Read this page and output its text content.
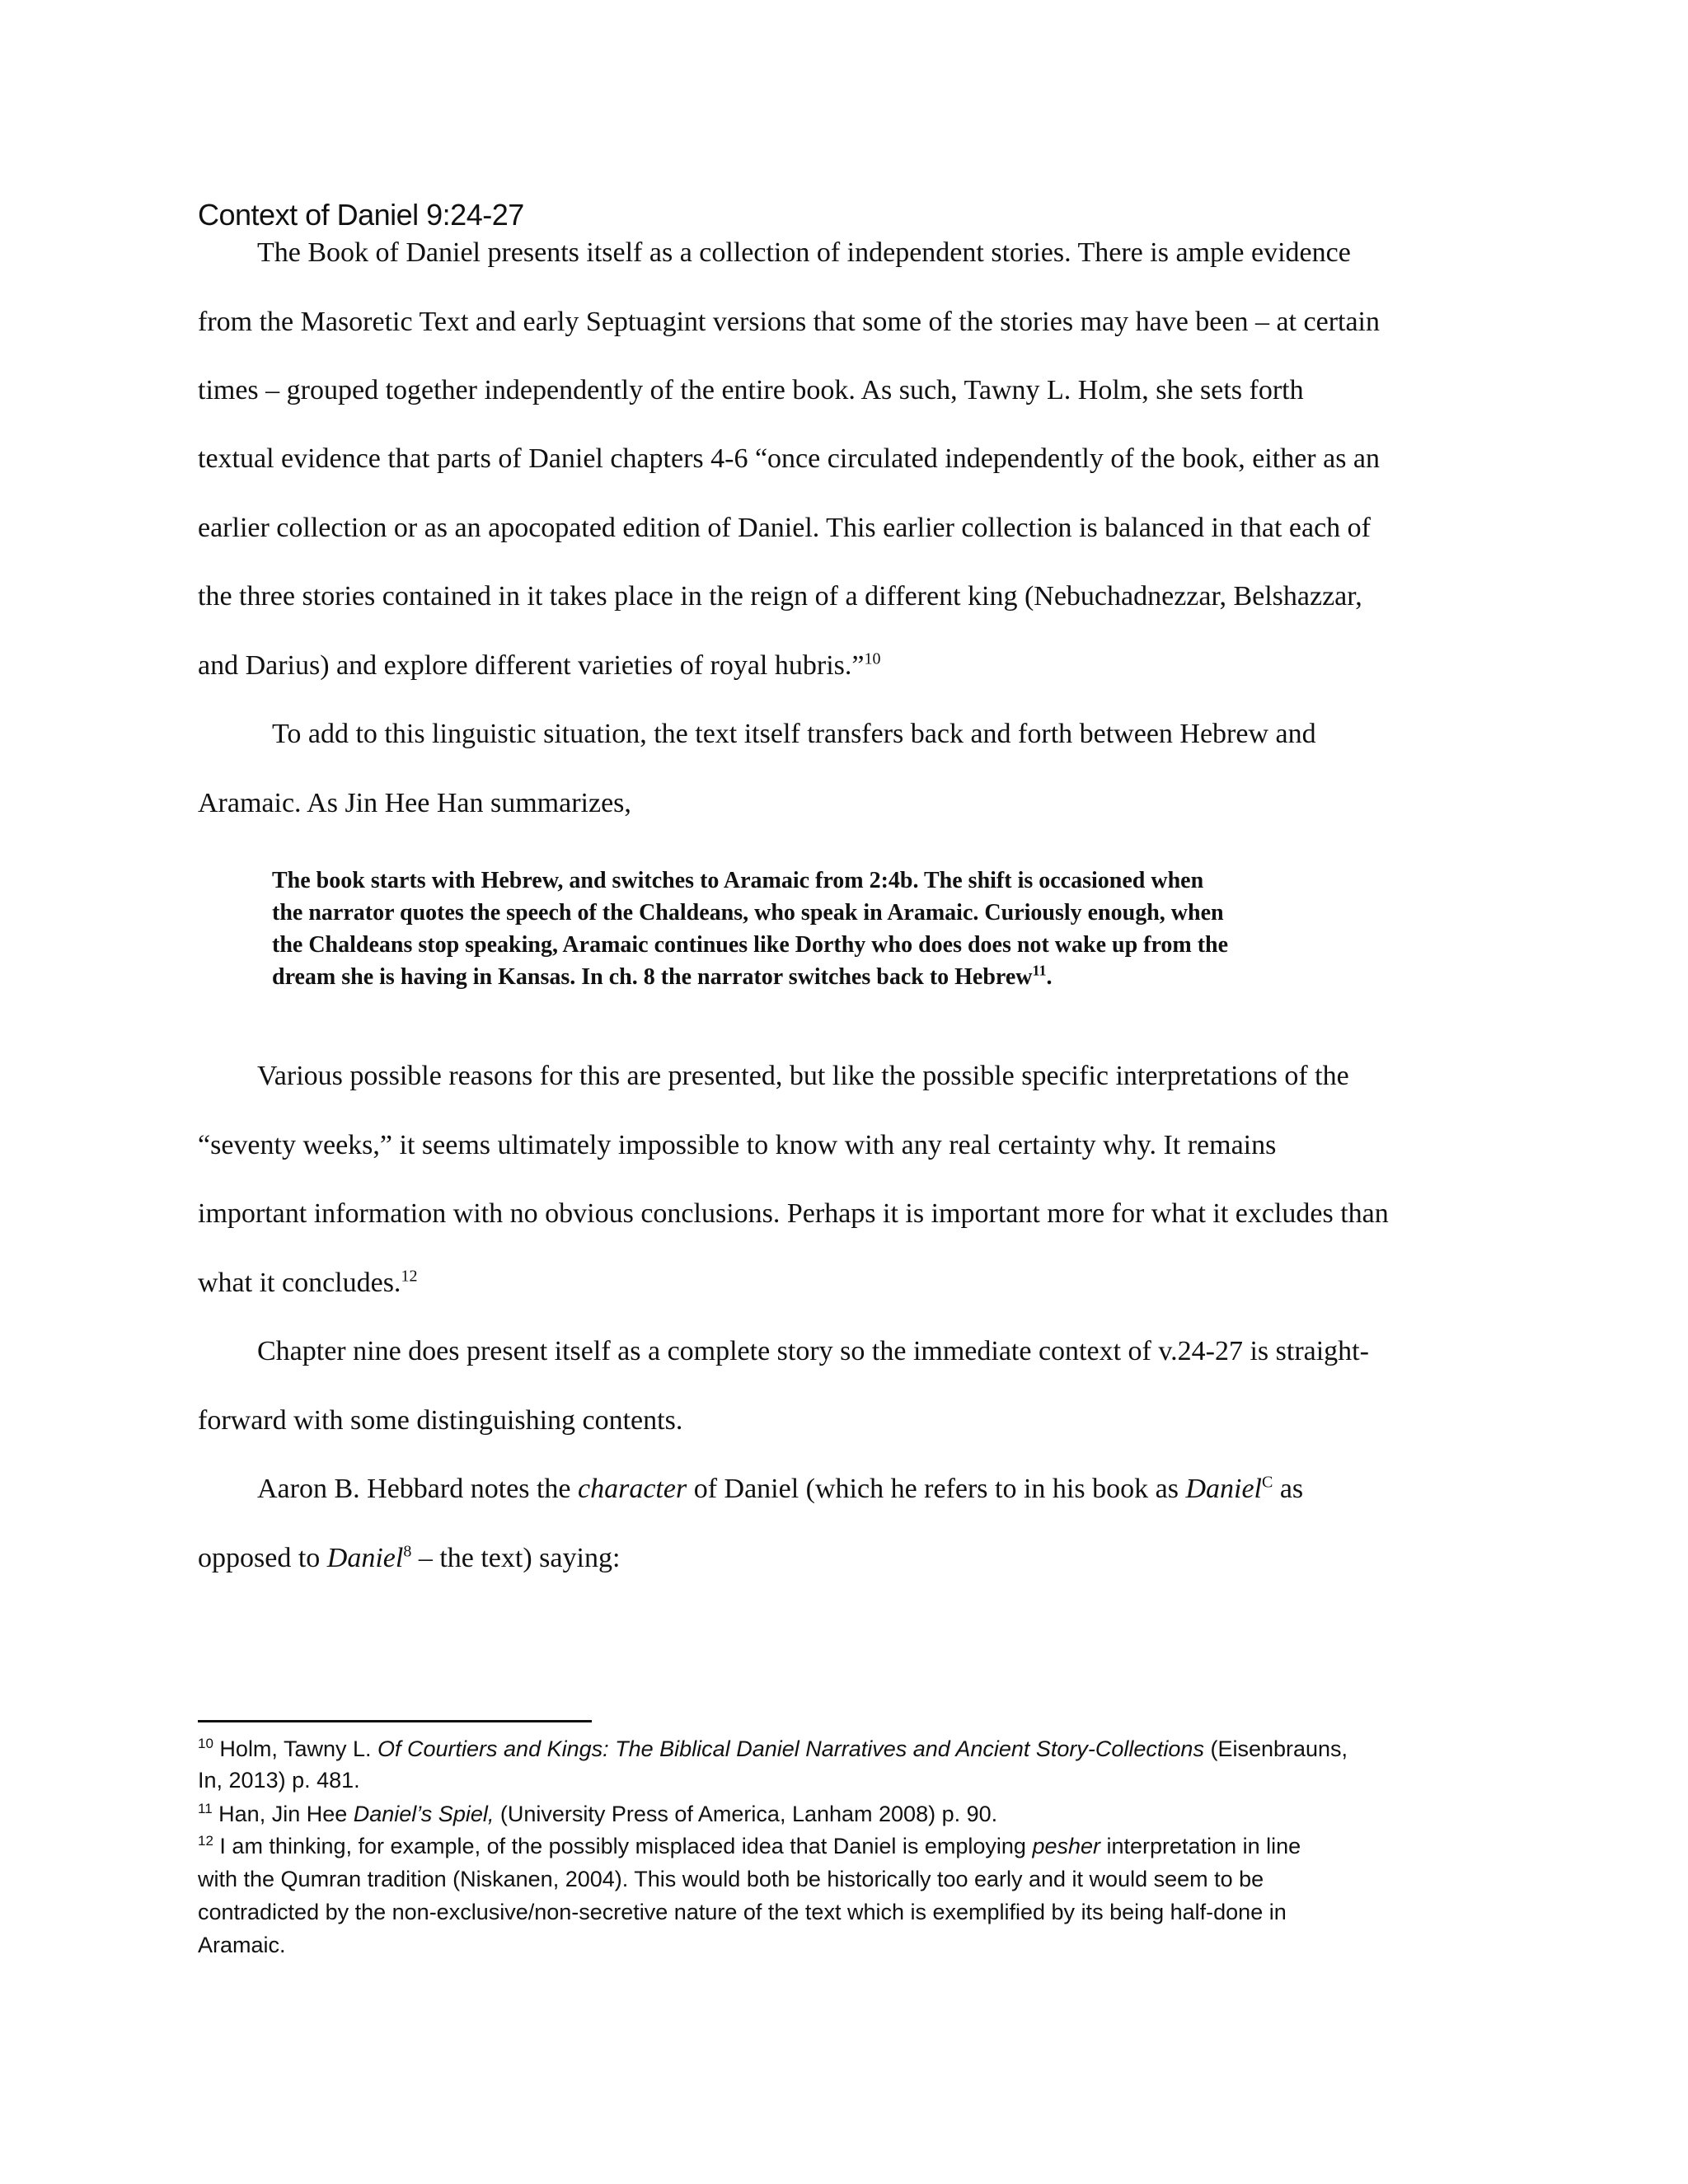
Context of Daniel 9:24-27
The Book of Daniel presents itself as a collection of independent stories. There is ample evidence
from the Masoretic Text and early Septuagint versions that some of the stories may have been – at certain
times – grouped together independently of the entire book. As such, Tawny L. Holm, she sets forth
textual evidence that parts of Daniel chapters 4-6 “once circulated independently of the book, either as an
earlier collection or as an apocopated edition of Daniel. This earlier collection is balanced in that each of
the three stories contained in it takes place in the reign of a different king (Nebuchadnezzar, Belshazzar,
and Darius) and explore different varieties of royal hubris.”$^{10}$
To add to this linguistic situation, the text itself transfers back and forth between Hebrew and
Aramaic. As Jin Hee Han summarizes,
The book starts with Hebrew, and switches to Aramaic from 2:4b. The shift is occasioned when
the narrator quotes the speech of the Chaldeans, who speak in Aramaic. Curiously enough, when
the Chaldeans stop speaking, Aramaic continues like Dorthy who does does not wake up from the
dream she is having in Kansas. In ch. 8 the narrator switches back to Hebrew$^{11}$.
Various possible reasons for this are presented, but like the possible specific interpretations of the
“seventy weeks,” it seems ultimately impossible to know with any real certainty why. It remains
important information with no obvious conclusions. Perhaps it is important more for what it excludes than
what it concludes.$^{12}$
Chapter nine does present itself as a complete story so the immediate context of v.24-27 is straight-
forward with some distinguishing contents.
Aaron B. Hebbard notes the character of Daniel (which he refers to in his book as Daniel$^C$ as
opposed to Daniel$^8$ – the text) saying:
$^{10}$ Holm, Tawny L. Of Courtiers and Kings: The Biblical Daniel Narratives and Ancient Story-Collections (Eisenbrauns,
In, 2013) p. 481.
$^{11}$ Han, Jin Hee Daniel’s Spiel, (University Press of America, Lanham 2008) p. 90.
$^{12}$ I am thinking, for example, of the possibly misplaced idea that Daniel is employing pesher interpretation in line
with the Qumran tradition (Niskanen, 2004). This would both be historically too early and it would seem to be
contradicted by the non-exclusive/non-secretive nature of the text which is exemplified by its being half-done in
Aramaic.
